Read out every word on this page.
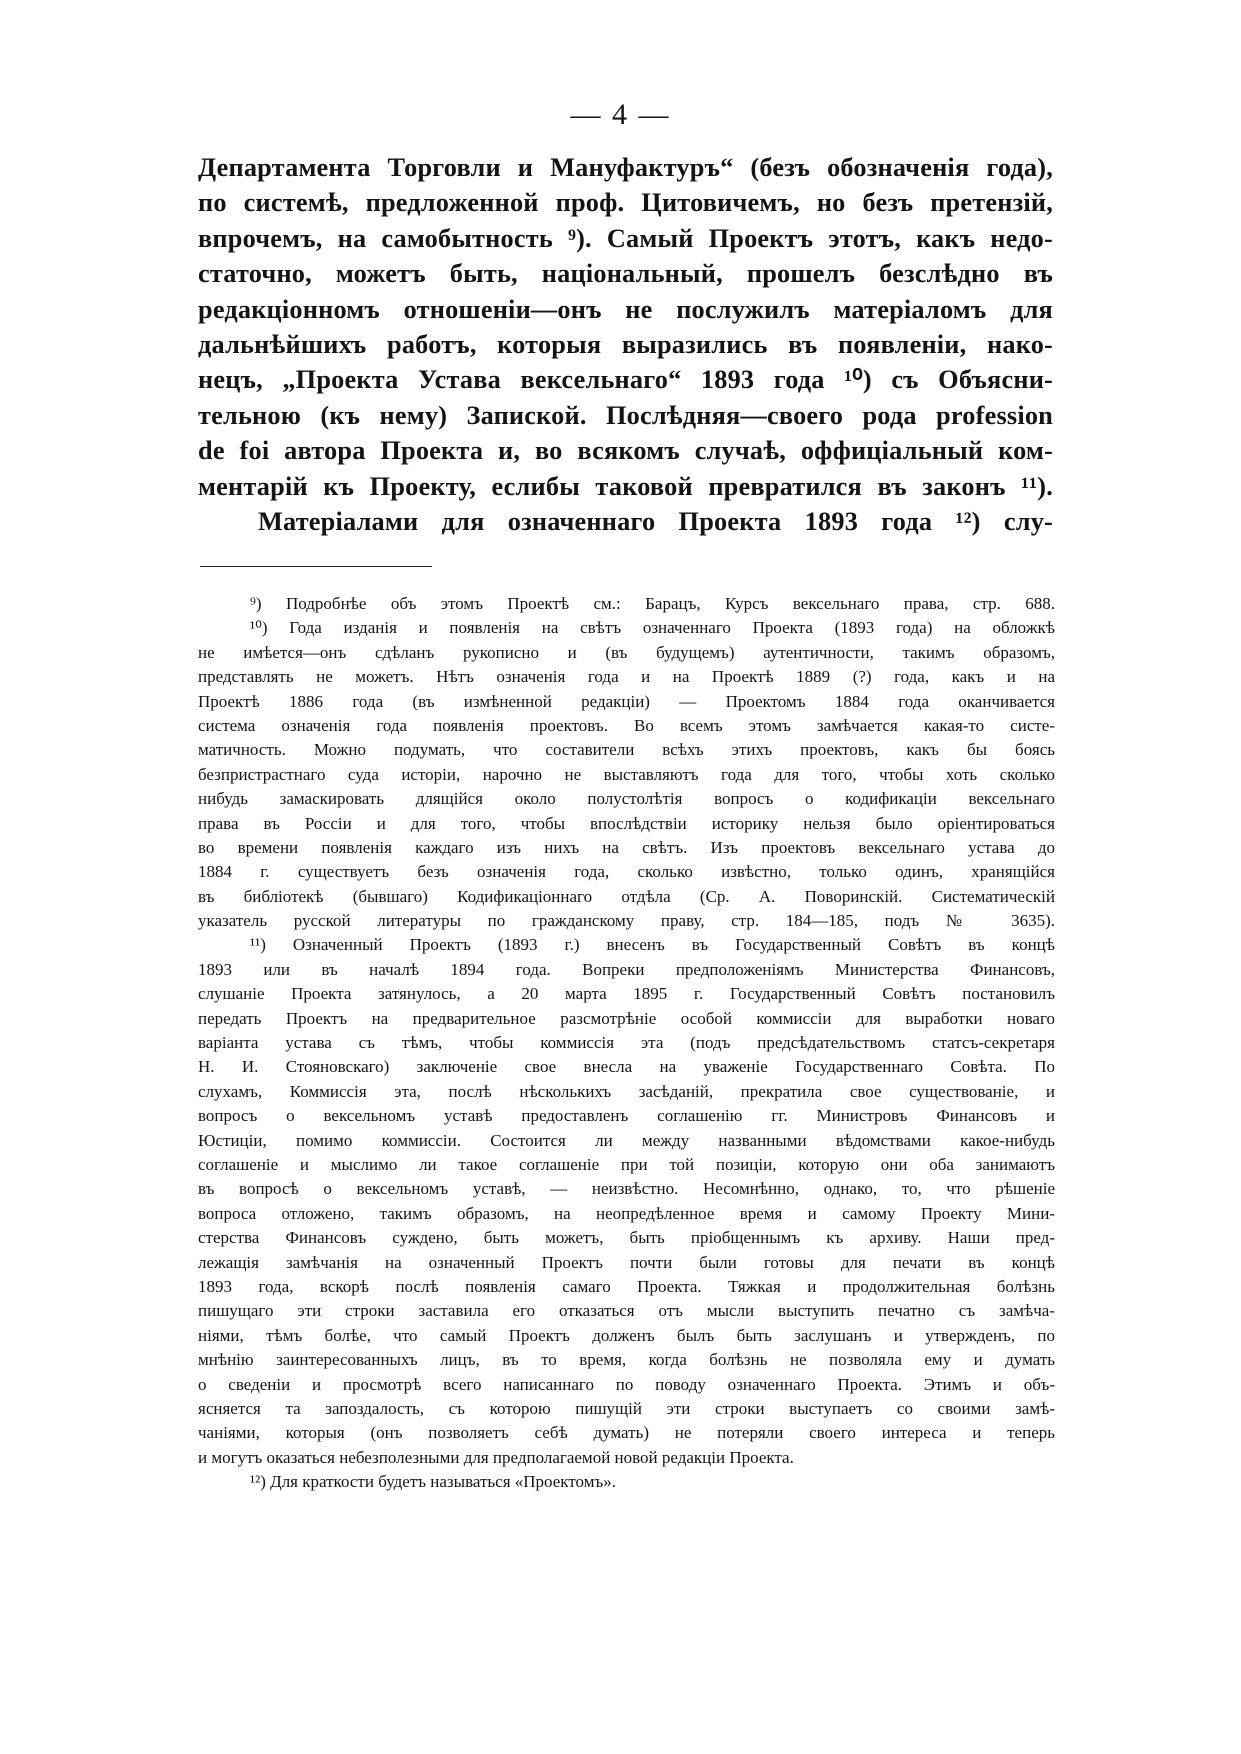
— 4 —
Департамента Торговли и Мануфактуръ“ (безъ обозначенія года),
по системѣ, предложенной проф. Цитовичемъ, но безъ претензій,
впрочемъ, на самобытность ⁹). Самый Проектъ этотъ, какъ недо-
статочно, можетъ быть, національный, прошелъ безслѣдно въ
редакціонномъ отношеніи—онъ не послужилъ матеріаломъ для
дальнѣйшихъ работъ, которыя выразились въ появленіи, нако-
нецъ, „Проекта Устава вексельнаго“ 1893 года ¹⁰) съ Объясни-
тельною (къ нему) Запиской. Послѣдняя—своего рода profession
de foi автора Проекта и, во всякомъ случаѣ, оффиціальный ком-
ментарій къ Проекту, еслибы таковой превратился въ законъ ¹¹).
Матеріалами для означеннаго Проекта 1893 года ¹²) слу-
⁹) Подробнѣе объ этомъ Проектѣ см.: Барацъ, Курсъ вексельнаго права, стр. 688.
¹⁰) Года изданія и появленія на свѣтъ означеннаго Проекта (1893 года) на обложкѣ
не имѣется—онъ сдѣланъ рукописно и (въ будущемъ) аутентичности, такимъ образомъ,
представлять не можетъ. Нѣтъ означенія года и на Проектѣ 1889 (?) года, какъ и на
Проектѣ 1886 года (въ измѣненной редакціи) — Проектомъ 1884 года оканчивается
система означенія года появленія проектовъ. Во всемъ этомъ замѣчается какая-то систе-
матичность. Можно подумать, что составители всѣхъ этихъ проектовъ, какъ бы боясь
безпристрастнаго суда исторіи, нарочно не выставляютъ года для того, чтобы хоть сколько
нибудь замаскировать длящійся около полустолѣтія вопросъ о кодификаціи вексельнаго
права въ Россіи и для того, чтобы впослѣдствіи историку нельзя было оріентироваться
во времени появленія каждаго изъ нихъ на свѣтъ. Изъ проектовъ вексельнаго устава до
1884 г. существуетъ безъ означенія года, сколько извѣстно, только одинъ, хранящійся
въ библіотекѣ (бывшаго) Кодификаціоннаго отдѣла (Ср. А. Поворинскій. Систематическій
указатель русской литературы по гражданскому праву, стр. 184—185, подъ № 3635).
¹¹) Означенный Проектъ (1893 г.) внесенъ въ Государственный Совѣтъ въ концѣ
1893 или въ началѣ 1894 года. Вопреки предположеніямъ Министерства Финансовъ,
слушаніе Проекта затянулось, а 20 марта 1895 г. Государственный Совѣтъ постановилъ
передать Проектъ на предварительное разсмотрѣніе особой коммиссіи для выработки новаго
варіанта устава съ тѣмъ, чтобы коммиссія эта (подъ предсѣдательствомъ статсъ-секретаря
Н. И. Стояновскаго) заключеніе свое внесла на уваженіе Государственнаго Совѣта. По
слухамъ, Коммиссія эта, послѣ нѣсколькихъ засѣданій, прекратила свое существованіе, и
вопросъ о вексельномъ уставѣ предоставленъ соглашенію гг. Министровъ Финансовъ и
Юстиціи, помимо коммиссіи. Состоится ли между названными вѣдомствами какое-нибудь
соглашеніе и мыслимо ли такое соглашеніе при той позиціи, которую они оба занимаютъ
въ вопросѣ о вексельномъ уставѣ, — неизвѣстно. Несомнѣнно, однако, то, что рѣшеніе
вопроса отложено, такимъ образомъ, на неопредѣленное время и самому Проекту Мини-
стерства Финансовъ суждено, быть можетъ, быть пріобщеннымъ къ архиву. Наши пред-
лежащія замѣчанія на означенный Проектъ почти были готовы для печати въ концѣ
1893 года, вскорѣ послѣ появленія самаго Проекта. Тяжкая и продолжительная болѣзнь
пишущаго эти строки заставила его отказаться отъ мысли выступить печатно съ замѣча-
ніями, тѣмъ болѣе, что самый Проектъ долженъ былъ быть заслушанъ и утвержденъ, по
мнѣнію заинтересованныхъ лицъ, въ то время, когда болѣзнь не позволяла ему и думать
о сведеніи и просмотрѣ всего написаннаго по поводу означеннаго Проекта. Этимъ и объ-
ясняется та запоздалость, съ которою пишущій эти строки выступаетъ со своими замѣ-
чаніями, которыя (онъ позволяетъ себѣ думать) не потеряли своего интереса и теперь
и могутъ оказаться небезполезными для предполагаемой новой редакціи Проекта.
¹²) Для краткости будетъ называться «Проектомъ».
